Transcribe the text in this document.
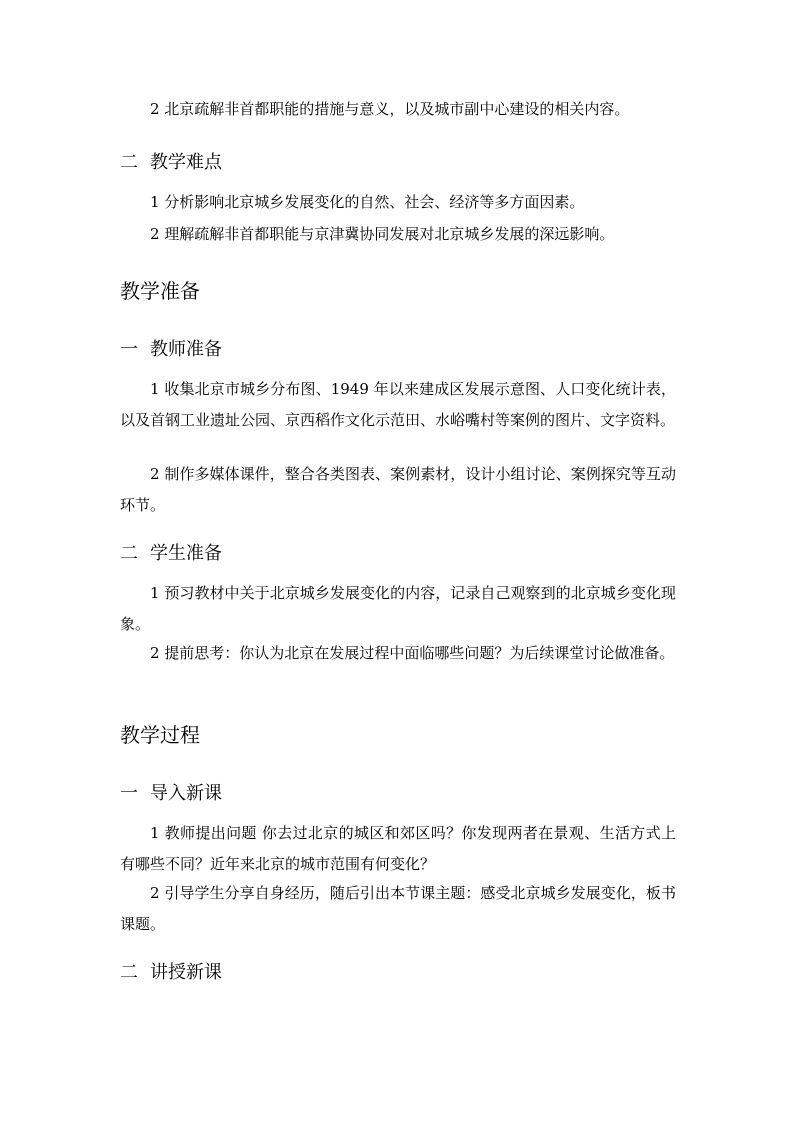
2 北京疏解非首都职能的措施与意义，以及城市副中心建设的相关内容。

二 教学难点

1 分析影响北京城乡发展变化的自然、社会、经济等多方面因素。

2 理解疏解非首都职能与京津冀协同发展对北京城乡发展的深远影响。

教学准备
一 教师准备

1 收集北京市城乡分布图、1949 年以来建成区发展示意图、人口变化统计表，以及首钢工业遗址公园、京西稻作文化示范田、水峪嘴村等案例的图片、文字资料。

2 制作多媒体课件，整合各类图表、案例素材，设计小组讨论、案例探究等互动环节。

二 学生准备

1 预习教材中关于北京城乡发展变化的内容，记录自己观察到的北京城乡变化现象。

2 提前思考：你认为北京在发展过程中面临哪些问题？为后续课堂讨论做准备。

教学过程
一 导入新课

1 教师提出问题 你去过北京的城区和郊区吗？你发现两者在景观、生活方式上有哪些不同？近年来北京的城市范围有何变化？

2 引导学生分享自身经历，随后引出本节课主题：感受北京城乡发展变化，板书课题。

二 讲授新课
